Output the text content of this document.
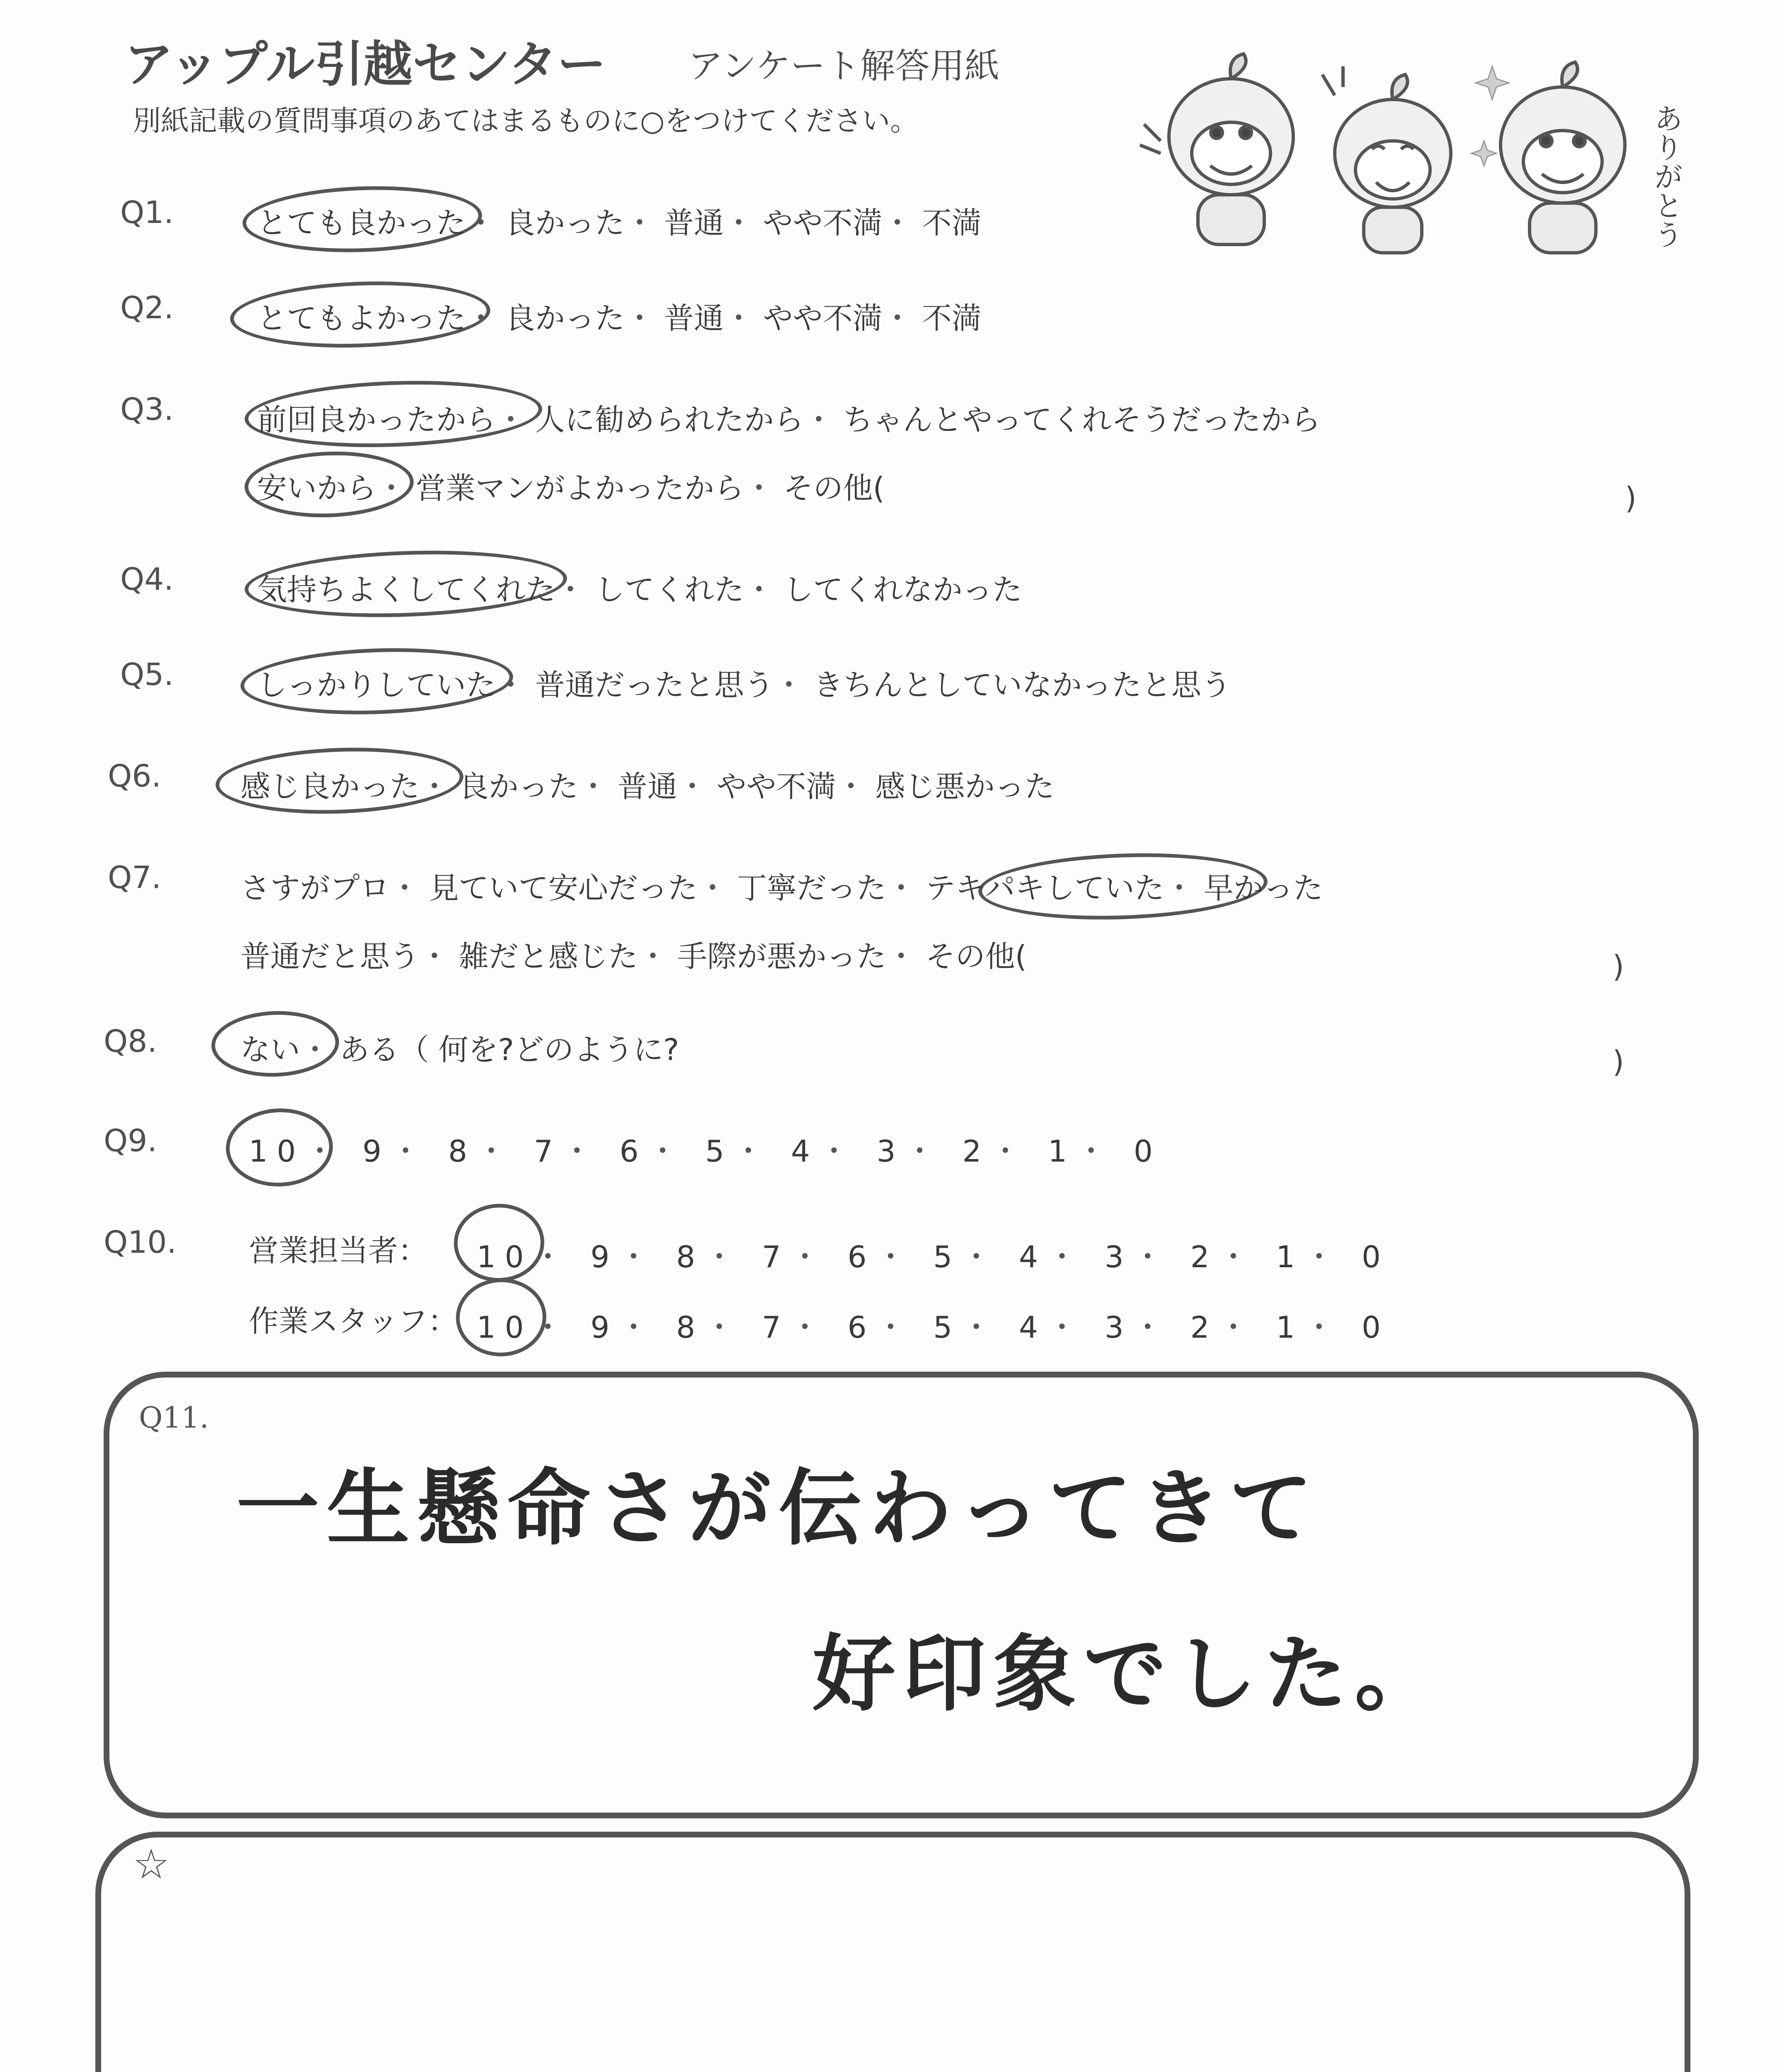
アップル引越センター アンケート解答用紙
別紙記載の質問事項のあてはまるものに○をつけてください。	ありがとう
Q1.	とても良かった・ 良かった・ 普通・ やや不満・ 不満
Q2.	とてもよかった・ 良かった・ 普通・ やや不満・ 不満
Q3.	前回良かったから・ 人に勧められたから・ ちゃんとやってくれそうだったから
安いから・ 営業マンがよかったから・ その他(	)
Q4.	気持ちよくしてくれた・ してくれた・ してくれなかった
Q5.	しっかりしていた・ 普通だったと思う・ きちんとしていなかったと思う
Q6.	感じ良かった・ 良かった・ 普通・ やや不満・ 感じ悪かった
Q7.	さすがプロ・ 見ていて安心だった・ 丁寧だった・ テキパキしていた・ 早かった
普通だと思う・ 雑だと感じた・ 手際が悪かった・ その他(	)
Q8.	ない・ ある（ 何を?どのように?	)
Q9.	10・ 9・ 8・ 7・ 6・ 5・ 4・ 3・ 2・ 1・ 0
Q10. 営業担当者： 10・ 9・ 8・ 7・ 6・ 5・ 4・ 3・ 2・ 1・ 0
作業スタッフ： 10・ 9・ 8・ 7・ 6・ 5・ 4・ 3・ 2・ 1・ 0
Q11.
一生懸命さが伝わってきて
好印象でした。
☆
